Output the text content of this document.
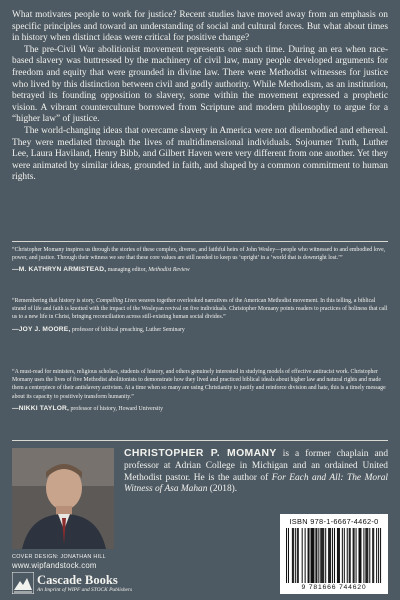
What motivates people to work for justice? Recent studies have moved away from an emphasis on specific principles and toward an understanding of social and cultural forces. But what about times in history when distinct ideas were critical for positive change?

The pre-Civil War abolitionist movement represents one such time. During an era when race-based slavery was buttressed by the machinery of civil law, many people developed arguments for freedom and equity that were grounded in divine law. There were Methodist witnesses for justice who lived by this distinction between civil and godly authority. While Methodism, as an institution, betrayed its founding opposition to slavery, some within the movement expressed a prophetic vision. A vibrant counterculture borrowed from Scripture and modern philosophy to argue for a “higher law” of justice.

The world-changing ideas that overcame slavery in America were not disembodied and ethereal. They were mediated through the lives of multidimensional individuals. Sojourner Truth, Luther Lee, Laura Haviland, Henry Bibb, and Gilbert Haven were very different from one another. Yet they were animated by similar ideas, grounded in faith, and shaped by a common commitment to human rights.

“Christopher Momany inspires us through the stories of these complex, diverse, and faithful heirs of John Wesley—people who witnessed to and embodied love, power, and justice. Through their witness we see that these core values are still needed to keep us ‘upright’ in a ‘world that is downright lost.’”

—M. KATHRYN ARMISTEAD, managing editor, Methodist Review

“Remembering that history is story, Compelling Lives weaves together overlooked narratives of the American Methodist movement. In this telling, a biblical strand of life and faith is knotted with the impact of the Wesleyan revival on five individuals. Christopher Momany points readers to practices of holiness that call us to a new life in Christ, bringing reconciliation across still-existing human social divides.”

—JOY J. MOORE, professor of biblical preaching, Luther Seminary

“A must-read for ministers, religious scholars, students of history, and others genuinely interested in studying models of effective antiracist work. Christopher Momany uses the lives of five Methodist abolitionists to demonstrate how they lived and practiced biblical ideals about higher law and natural rights and made them a centerpiece of their antislavery activism. At a time when so many are using Christianity to justify and reinforce division and hate, this is a timely message about its capacity to positively transform humanity.”

—NIKKI TAYLOR, professor of history, Howard University
CHRISTOPHER P. MOMANY is a former chaplain and professor at Adrian College in Michigan and an ordained United Methodist pastor. He is the author of For Each and All: The Moral Witness of Asa Mahan (2018).
COVER DESIGN: JONATHAN HILL
www.wipfandstock.com
Cascade Books
An Imprint of WIPF and STOCK Publishers
ISBN 978-1-6667-4462-0
9 781666 744620
